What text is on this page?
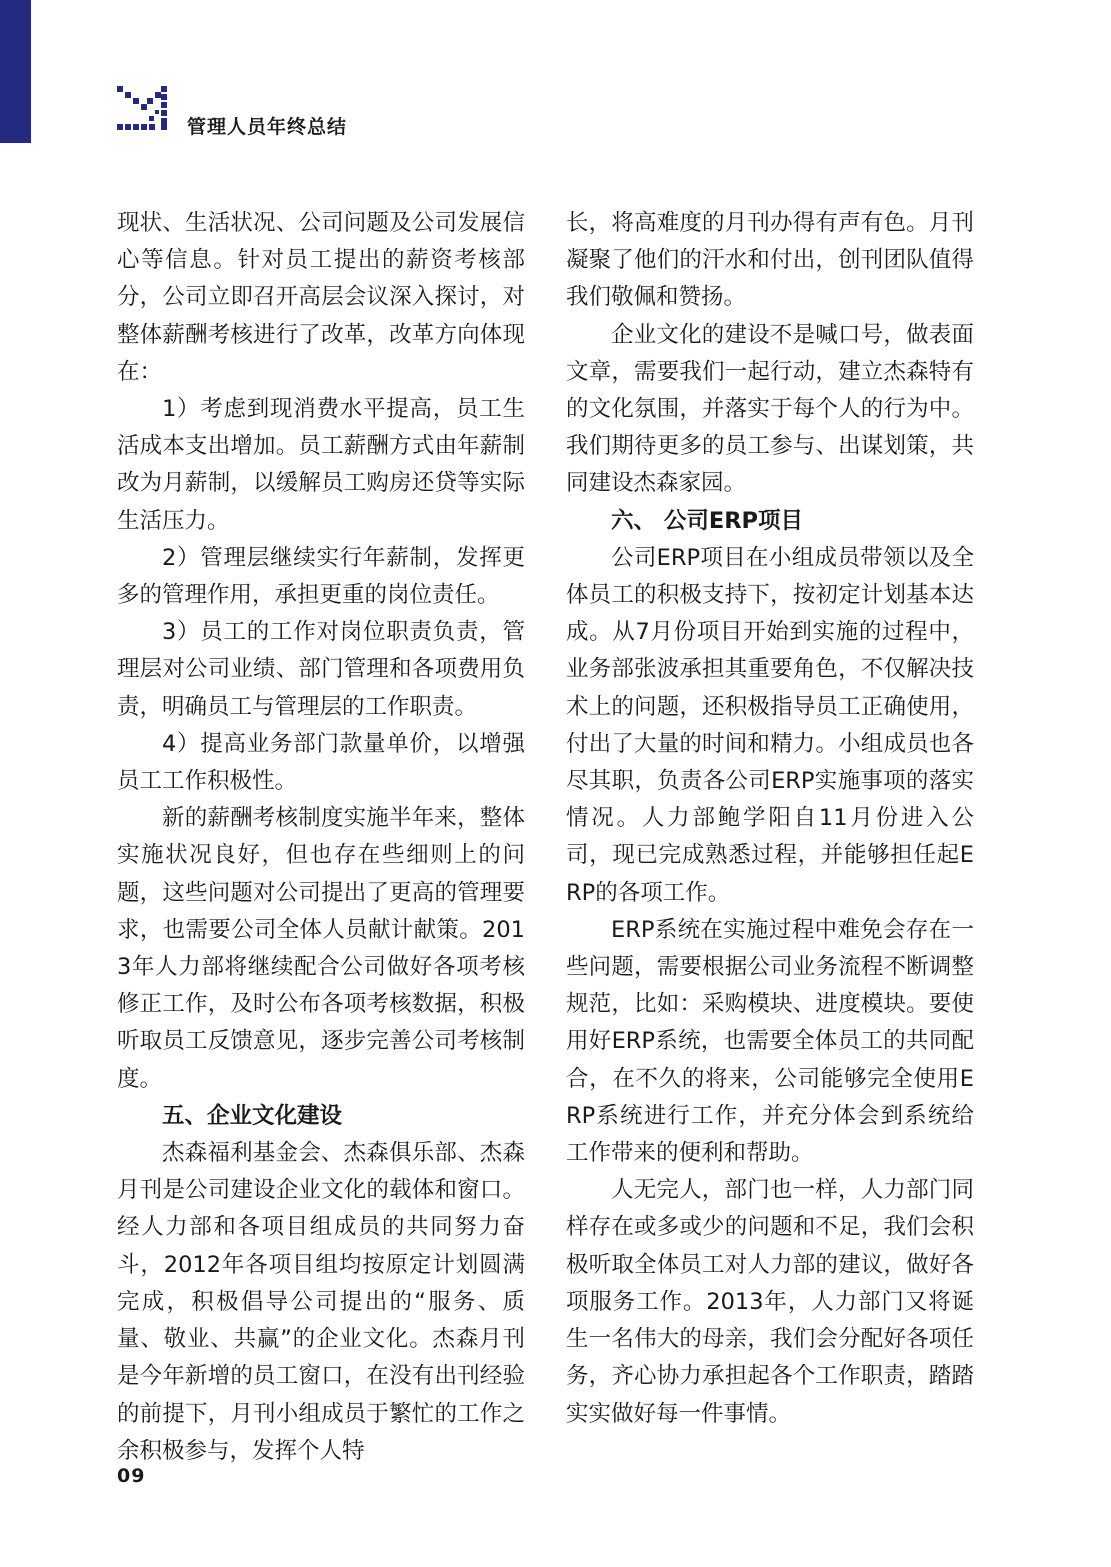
管理人员年终总结

现状、生活状况、公司问题及公司发展信心等信息。针对员工提出的薪资考核部分，公司立即召开高层会议深入探讨，对整体薪酬考核进行了改革，改革方向体现在：

1）考虑到现消费水平提高，员工生活成本支出增加。员工薪酬方式由年薪制改为月薪制，以缓解员工购房还贷等实际生活压力。

2）管理层继续实行年薪制，发挥更多的管理作用，承担更重的岗位责任。

3）员工的工作对岗位职责负责，管理层对公司业绩、部门管理和各项费用负责，明确员工与管理层的工作职责。

4）提高业务部门款量单价，以增强员工工作积极性。

新的薪酬考核制度实施半年来，整体实施状况良好，但也存在些细则上的问题，这些问题对公司提出了更高的管理要求，也需要公司全体人员献计献策。2013年人力部将继续配合公司做好各项考核修正工作，及时公布各项考核数据，积极听取员工反馈意见，逐步完善公司考核制度。

五、企业文化建设

杰森福利基金会、杰森俱乐部、杰森月刊是公司建设企业文化的载体和窗口。经人力部和各项目组成员的共同努力奋斗，2012年各项目组均按原定计划圆满完成，积极倡导公司提出的“服务、质量、敬业、共赢”的企业文化。杰森月刊是今年新增的员工窗口，在没有出刊经验的前提下，月刊小组成员于繁忙的工作之余积极参与，发挥个人特

长，将高难度的月刊办得有声有色。月刊凝聚了他们的汗水和付出，创刊团队值得我们敬佩和赞扬。

企业文化的建设不是喊口号，做表面文章，需要我们一起行动，建立杰森特有的文化氛围，并落实于每个人的行为中。我们期待更多的员工参与、出谋划策，共同建设杰森家园。

六、 公司ERP项目

公司ERP项目在小组成员带领以及全体员工的积极支持下，按初定计划基本达成。从7月份项目开始到实施的过程中，业务部张波承担其重要角色，不仅解决技术上的问题，还积极指导员工正确使用，付出了大量的时间和精力。小组成员也各尽其职，负责各公司ERP实施事项的落实情况。人力部鲍学阳自11月份进入公司，现已完成熟悉过程，并能够担任起ERP的各项工作。

ERP系统在实施过程中难免会存在一些问题，需要根据公司业务流程不断调整规范，比如：采购模块、进度模块。要使用好ERP系统，也需要全体员工的共同配合，在不久的将来，公司能够完全使用ERP系统进行工作，并充分体会到系统给工作带来的便利和帮助。

人无完人，部门也一样，人力部门同样存在或多或少的问题和不足，我们会积极听取全体员工对人力部的建议，做好各项服务工作。2013年，人力部门又将诞生一名伟大的母亲，我们会分配好各项任务，齐心协力承担起各个工作职责，踏踏实实做好每一件事情。

09
